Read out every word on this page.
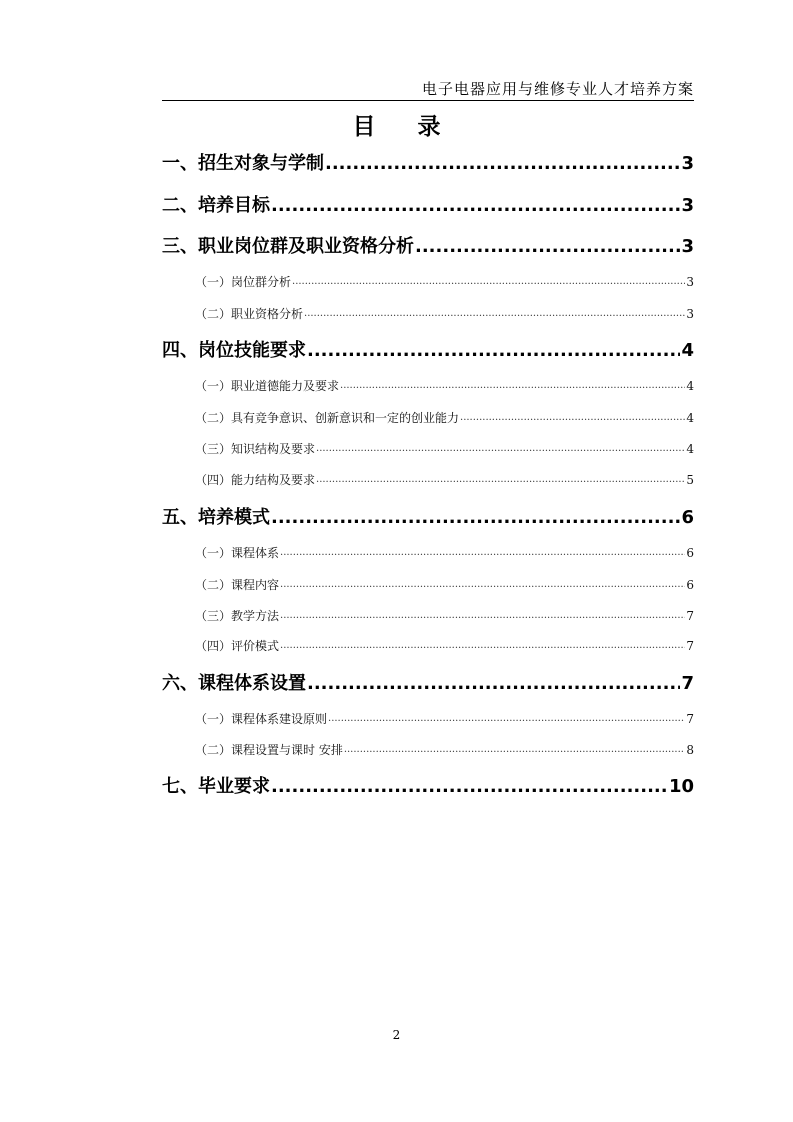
电子电器应用与维修专业人才培养方案
目录
一、招生对象与学制 .....	3
二、培养目标 .....	3
三、职业岗位群及职业资格分析 .....	3
（一）岗位群分析 .....	3
（二）职业资格分析 .....	3
四、岗位技能要求 .....	4
（一）职业道德能力及要求 .....	4
（二）具有竞争意识、创新意识和一定的创业能力 .....	4
（三）知识结构及要求 .....	4
（四）能力结构及要求 .....	5
五、培养模式 .....	6
（一）课程体系 .....	6
（二）课程内容 .....	6
（三）教学方法 .....	7
（四）评价模式 .....	7
六、课程体系设置 .....	7
（一）课程体系建设原则 .....	7
（二）课程设置与课时 安排 .....	8
七、毕业要求 .....	10
2
